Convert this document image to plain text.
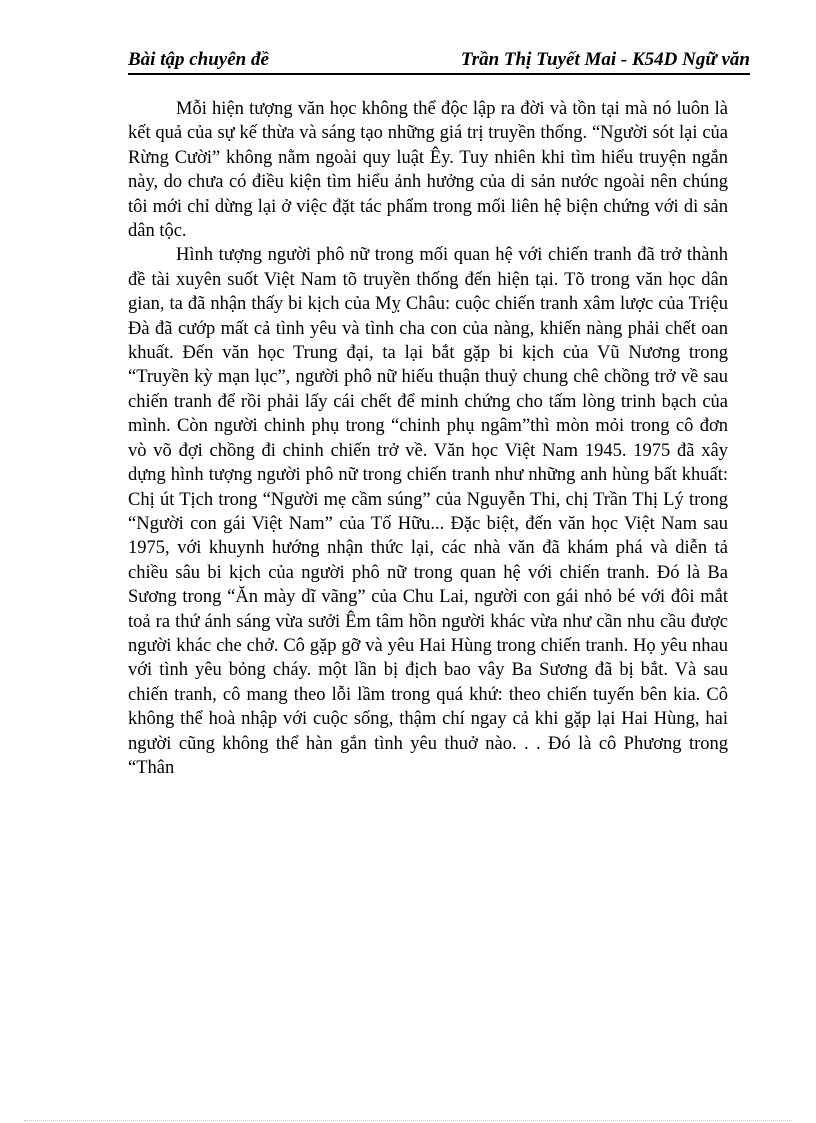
Bài tập chuyên đề	Trần Thị Tuyết Mai - K54D Ngữ văn

Mỗi hiện tượng văn học không thể độc lập ra đời và tồn tại mà nó luôn là kết quả của sự kế thừa và sáng tạo những giá trị truyền thống. “Người sót lại của Rừng Cười” không nằm ngoài quy luật Êy. Tuy nhiên khi tìm hiểu truyện ngắn này, do chưa có điều kiện tìm hiểu ảnh hưởng của di sản nước ngoài nên chúng tôi mới chỉ dừng lại ở việc đặt tác phẩm trong mối liên hệ biện chứng với di sản dân tộc.

Hình tượng người phô nữ trong mối quan hệ với chiến tranh đã trở thành đề tài xuyên suốt Việt Nam tõ truyền thống đến hiện tại. Tõ trong văn học dân gian, ta đã nhận thấy bi kịch của Mỵ Châu: cuộc chiến tranh xâm lược của Triệu Đà đã cướp mất cả tình yêu và tình cha con của nàng, khiến nàng phải chết oan khuất. Đến văn học Trung đại, ta lại bắt gặp bi kịch của Vũ Nương trong “Truyền kỳ mạn lục”, người phô nữ hiếu thuận thuỷ chung chê chồng trở về sau chiến tranh để rồi phải lấy cái chết để minh chứng cho tấm lòng trinh bạch của mình. Còn người chinh phụ trong “chinh phụ ngâm”thì mòn mỏi trong cô đơn vò võ đợi chồng đi chinh chiến trở về. Văn học Việt Nam 1945. 1975 đã xây dựng hình tượng người phô nữ trong chiến tranh như những anh hùng bất khuất: Chị út Tịch trong “Người mẹ cầm súng” của Nguyễn Thi, chị Trần Thị Lý trong “Người con gái Việt Nam” của Tố Hữu... Đặc biệt, đến văn học Việt Nam sau 1975, với khuynh hướng nhận thức lại, các nhà văn đã khám phá và diễn tả chiều sâu bi kịch của người phô nữ trong quan hệ với chiến tranh. Đó là Ba Sương trong “Ăn mày dĩ vãng” của Chu Lai, người con gái nhỏ bé với đôi mắt toả ra thứ ánh sáng vừa sưởi Êm tâm hồn người khác vừa như cần nhu cầu được người khác che chở. Cô gặp gỡ và yêu Hai Hùng trong chiến tranh. Họ yêu nhau với tình yêu bỏng cháy. một lần bị địch bao vây Ba Sương đã bị bắt. Và sau chiến tranh, cô mang theo lỗi lầm trong quá khứ: theo chiến tuyến bên kia. Cô không thể hoà nhập với cuộc sống, thậm chí ngay cả khi gặp lại Hai Hùng, hai người cũng không thể hàn gắn tình yêu thuở nào. . . Đó là cô Phương trong “Thân
